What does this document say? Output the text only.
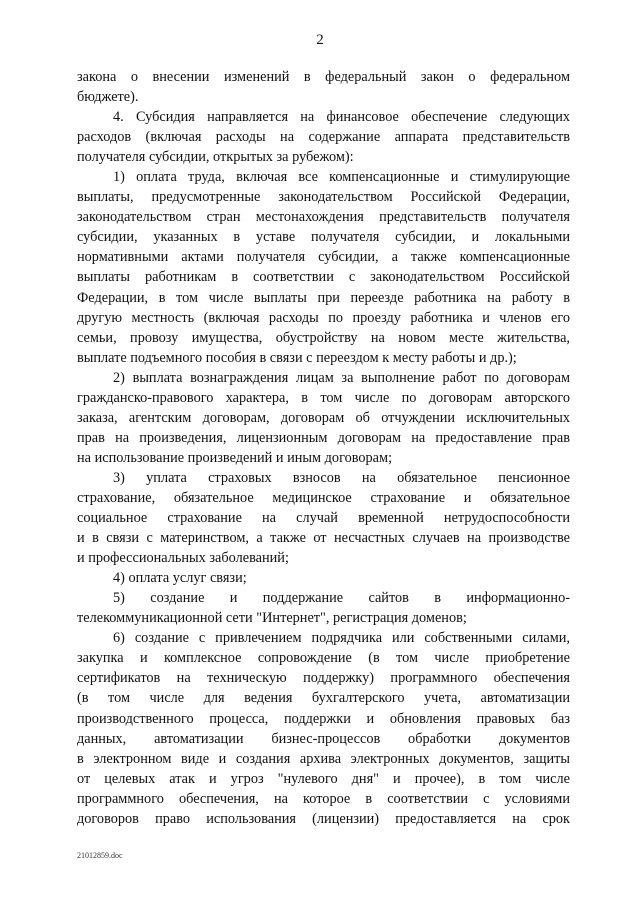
2
закона о внесении изменений в федеральный закон о федеральном
бюджете).
4. Субсидия направляется на финансовое обеспечение следующих
расходов (включая расходы на содержание аппарата представительств
получателя субсидии, открытых за рубежом):
1) оплата труда, включая все компенсационные и стимулирующие
выплаты, предусмотренные законодательством Российской Федерации,
законодательством стран местонахождения представительств получателя
субсидии, указанных в уставе получателя субсидии, и локальными
нормативными актами получателя субсидии, а также компенсационные
выплаты работникам в соответствии с законодательством Российской
Федерации, в том числе выплаты при переезде работника на работу в
другую местность (включая расходы по проезду работника и членов его
семьи, провозу имущества, обустройству на новом месте жительства,
выплате подъемного пособия в связи с переездом к месту работы и др.);
2) выплата вознаграждения лицам за выполнение работ по договорам
гражданско-правового характера, в том числе по договорам авторского
заказа, агентским договорам, договорам об отчуждении исключительных
прав на произведения, лицензионным договорам на предоставление прав
на использование произведений и иным договорам;
3) уплата страховых взносов на обязательное пенсионное
страхование, обязательное медицинское страхование и обязательное
социальное страхование на случай временной нетрудоспособности
и в связи с материнством, а также от несчастных случаев на производстве
и профессиональных заболеваний;
4) оплата услуг связи;
5) создание и поддержание сайтов в информационно-
телекоммуникационной сети "Интернет", регистрация доменов;
6) создание с привлечением подрядчика или собственными силами,
закупка и комплексное сопровождение (в том числе приобретение
сертификатов на техническую поддержку) программного обеспечения
(в том числе для ведения бухгалтерского учета, автоматизации
производственного процесса, поддержки и обновления правовых баз
данных, автоматизации бизнес-процессов обработки документов
в электронном виде и создания архива электронных документов, защиты
от целевых атак и угроз "нулевого дня" и прочее), в том числе
программного обеспечения, на которое в соответствии с условиями
договоров право использования (лицензии) предоставляется на срок
21012859.doc
